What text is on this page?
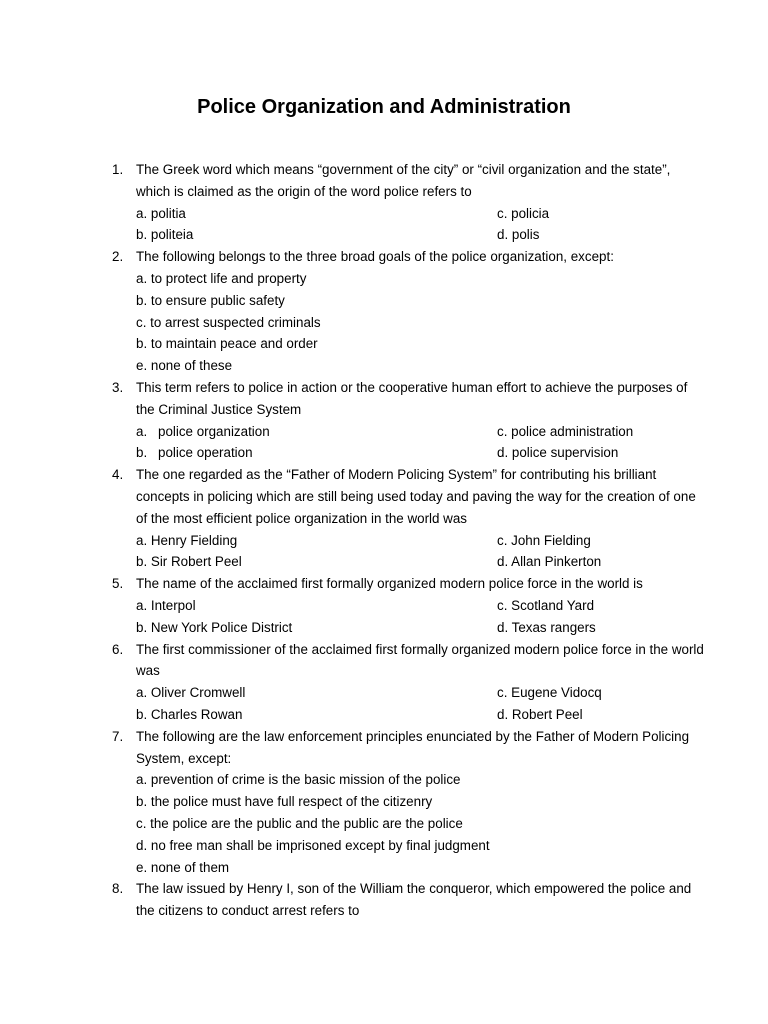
Police Organization and Administration
1. The Greek word which means “government of the city” or “civil organization and the state”, which is claimed as the origin of the word police refers to
a. politia	c. policia
b. politeia	d. polis
2. The following belongs to the three broad goals of the police organization, except:
a. to protect life and property
b. to ensure public safety
c. to arrest suspected criminals
b. to maintain peace and order
e. none of these
3. This term refers to police in action or the cooperative human effort to achieve the purposes of the Criminal Justice System
a. police organization	c. police administration
b. police operation	d. police supervision
4. The one regarded as the “Father of Modern Policing System” for contributing his brilliant concepts in policing which are still being used today and paving the way for the creation of one of the most efficient police organization in the world was
a. Henry Fielding	c. John Fielding
b. Sir Robert Peel	d. Allan Pinkerton
5. The name of the acclaimed first formally organized modern police force in the world is
a. Interpol	c. Scotland Yard
b. New York Police District	d. Texas rangers
6. The first commissioner of the acclaimed first formally organized modern police force in the world was
a. Oliver Cromwell	c. Eugene Vidocq
b. Charles Rowan	d. Robert Peel
7. The following are the law enforcement principles enunciated by the Father of Modern Policing System, except:
a. prevention of crime is the basic mission of the police
b. the police must have full respect of the citizenry
c. the police are the public and the public are the police
d. no free man shall be imprisoned except by final judgment
e. none of them
8. The law issued by Henry I, son of the William the conqueror, which empowered the police and the citizens to conduct arrest refers to
